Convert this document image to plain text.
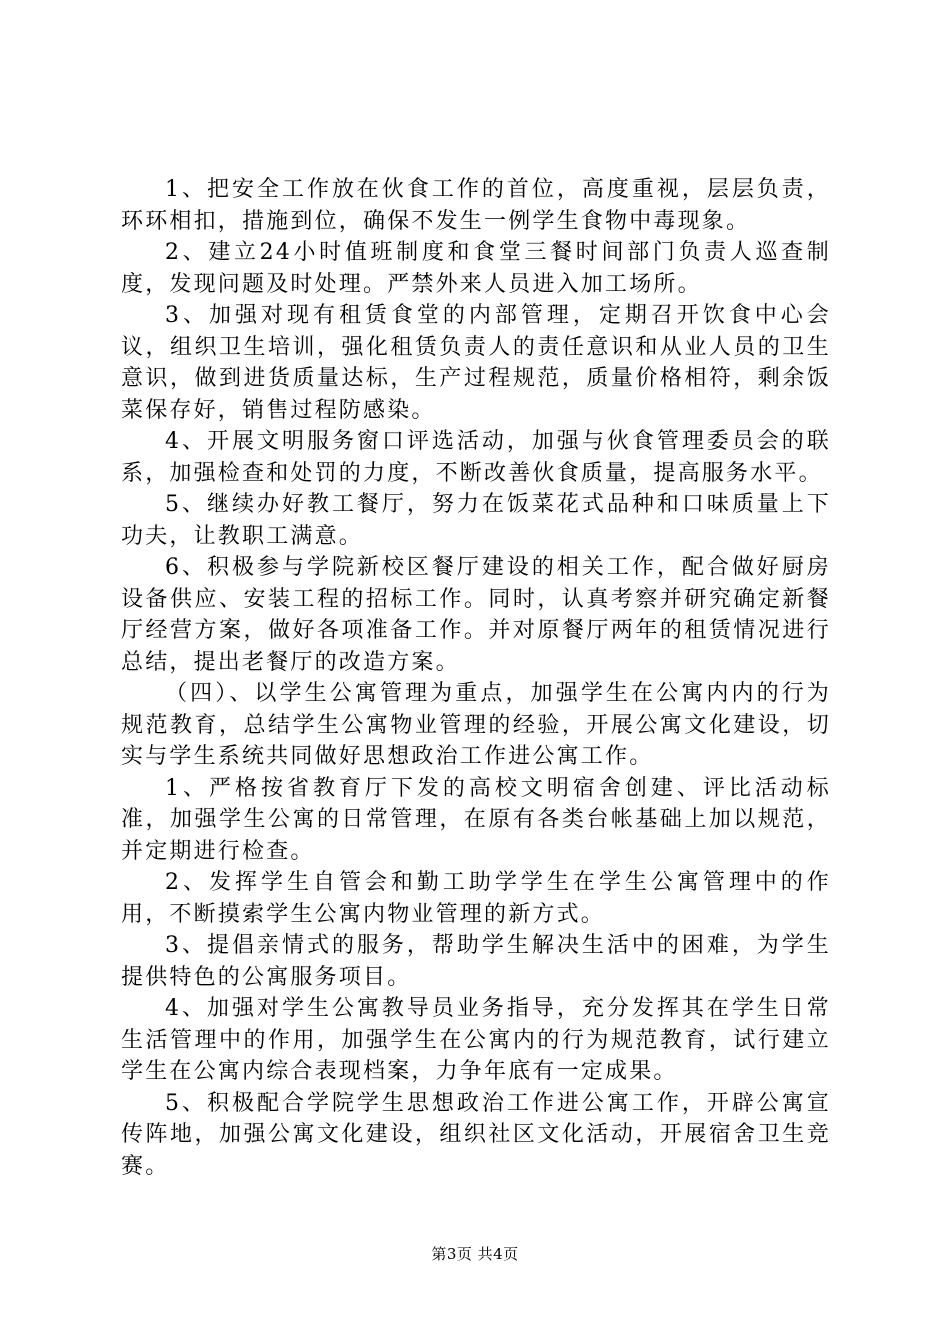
1、把安全工作放在伙食工作的首位，高度重视，层层负责，环环相扣，措施到位，确保不发生一例学生食物中毒现象。

2、建立24小时值班制度和食堂三餐时间部门负责人巡查制度，发现问题及时处理。严禁外来人员进入加工场所。

3、加强对现有租赁食堂的内部管理，定期召开饮食中心会议，组织卫生培训，强化租赁负责人的责任意识和从业人员的卫生意识，做到进货质量达标，生产过程规范，质量价格相符，剩余饭菜保存好，销售过程防感染。

4、开展文明服务窗口评选活动，加强与伙食管理委员会的联系，加强检查和处罚的力度，不断改善伙食质量，提高服务水平。

5、继续办好教工餐厅，努力在饭菜花式品种和口味质量上下功夫，让教职工满意。

6、积极参与学院新校区餐厅建设的相关工作，配合做好厨房设备供应、安装工程的招标工作。同时，认真考察并研究确定新餐厅经营方案，做好各项准备工作。并对原餐厅两年的租赁情况进行总结，提出老餐厅的改造方案。

（四）、以学生公寓管理为重点，加强学生在公寓内内的行为规范教育，总结学生公寓物业管理的经验，开展公寓文化建设，切实与学生系统共同做好思想政治工作进公寓工作。

1、严格按省教育厅下发的高校文明宿舍创建、评比活动标准，加强学生公寓的日常管理，在原有各类台帐基础上加以规范，并定期进行检查。

2、发挥学生自管会和勤工助学学生在学生公寓管理中的作用，不断摸索学生公寓内物业管理的新方式。

3、提倡亲情式的服务，帮助学生解决生活中的困难，为学生提供特色的公寓服务项目。

4、加强对学生公寓教导员业务指导，充分发挥其在学生日常生活管理中的作用，加强学生在公寓内的行为规范教育，试行建立学生在公寓内综合表现档案，力争年底有一定成果。

5、积极配合学院学生思想政治工作进公寓工作，开辟公寓宣传阵地，加强公寓文化建设，组织社区文化活动，开展宿舍卫生竞赛。

第3页 共4页
